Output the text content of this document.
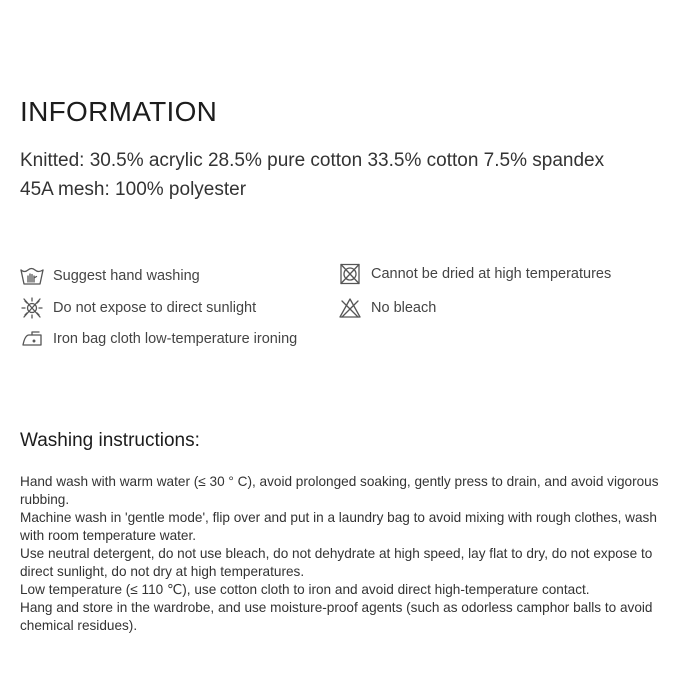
INFORMATION
Knitted: 30.5% acrylic 28.5% pure cotton 33.5% cotton 7.5% spandex
45A mesh: 100% polyester
Suggest hand washing
Do not expose to direct sunlight
Iron bag cloth low-temperature ironing
Cannot be dried at high temperatures
No bleach
Washing instructions:

Hand wash with warm water (≤ 30 ° C), avoid prolonged soaking, gently press to drain, and avoid vigorous rubbing.

Machine wash in 'gentle mode', flip over and put in a laundry bag to avoid mixing with rough clothes, wash with room temperature water.

Use neutral detergent, do not use bleach, do not dehydrate at high speed, lay flat to dry, do not expose to direct sunlight, do not dry at high temperatures.

Low temperature (≤ 110 ℃), use cotton cloth to iron and avoid direct high-temperature contact.

Hang and store in the wardrobe, and use moisture-proof agents (such as odorless camphor balls to avoid chemical residues).
